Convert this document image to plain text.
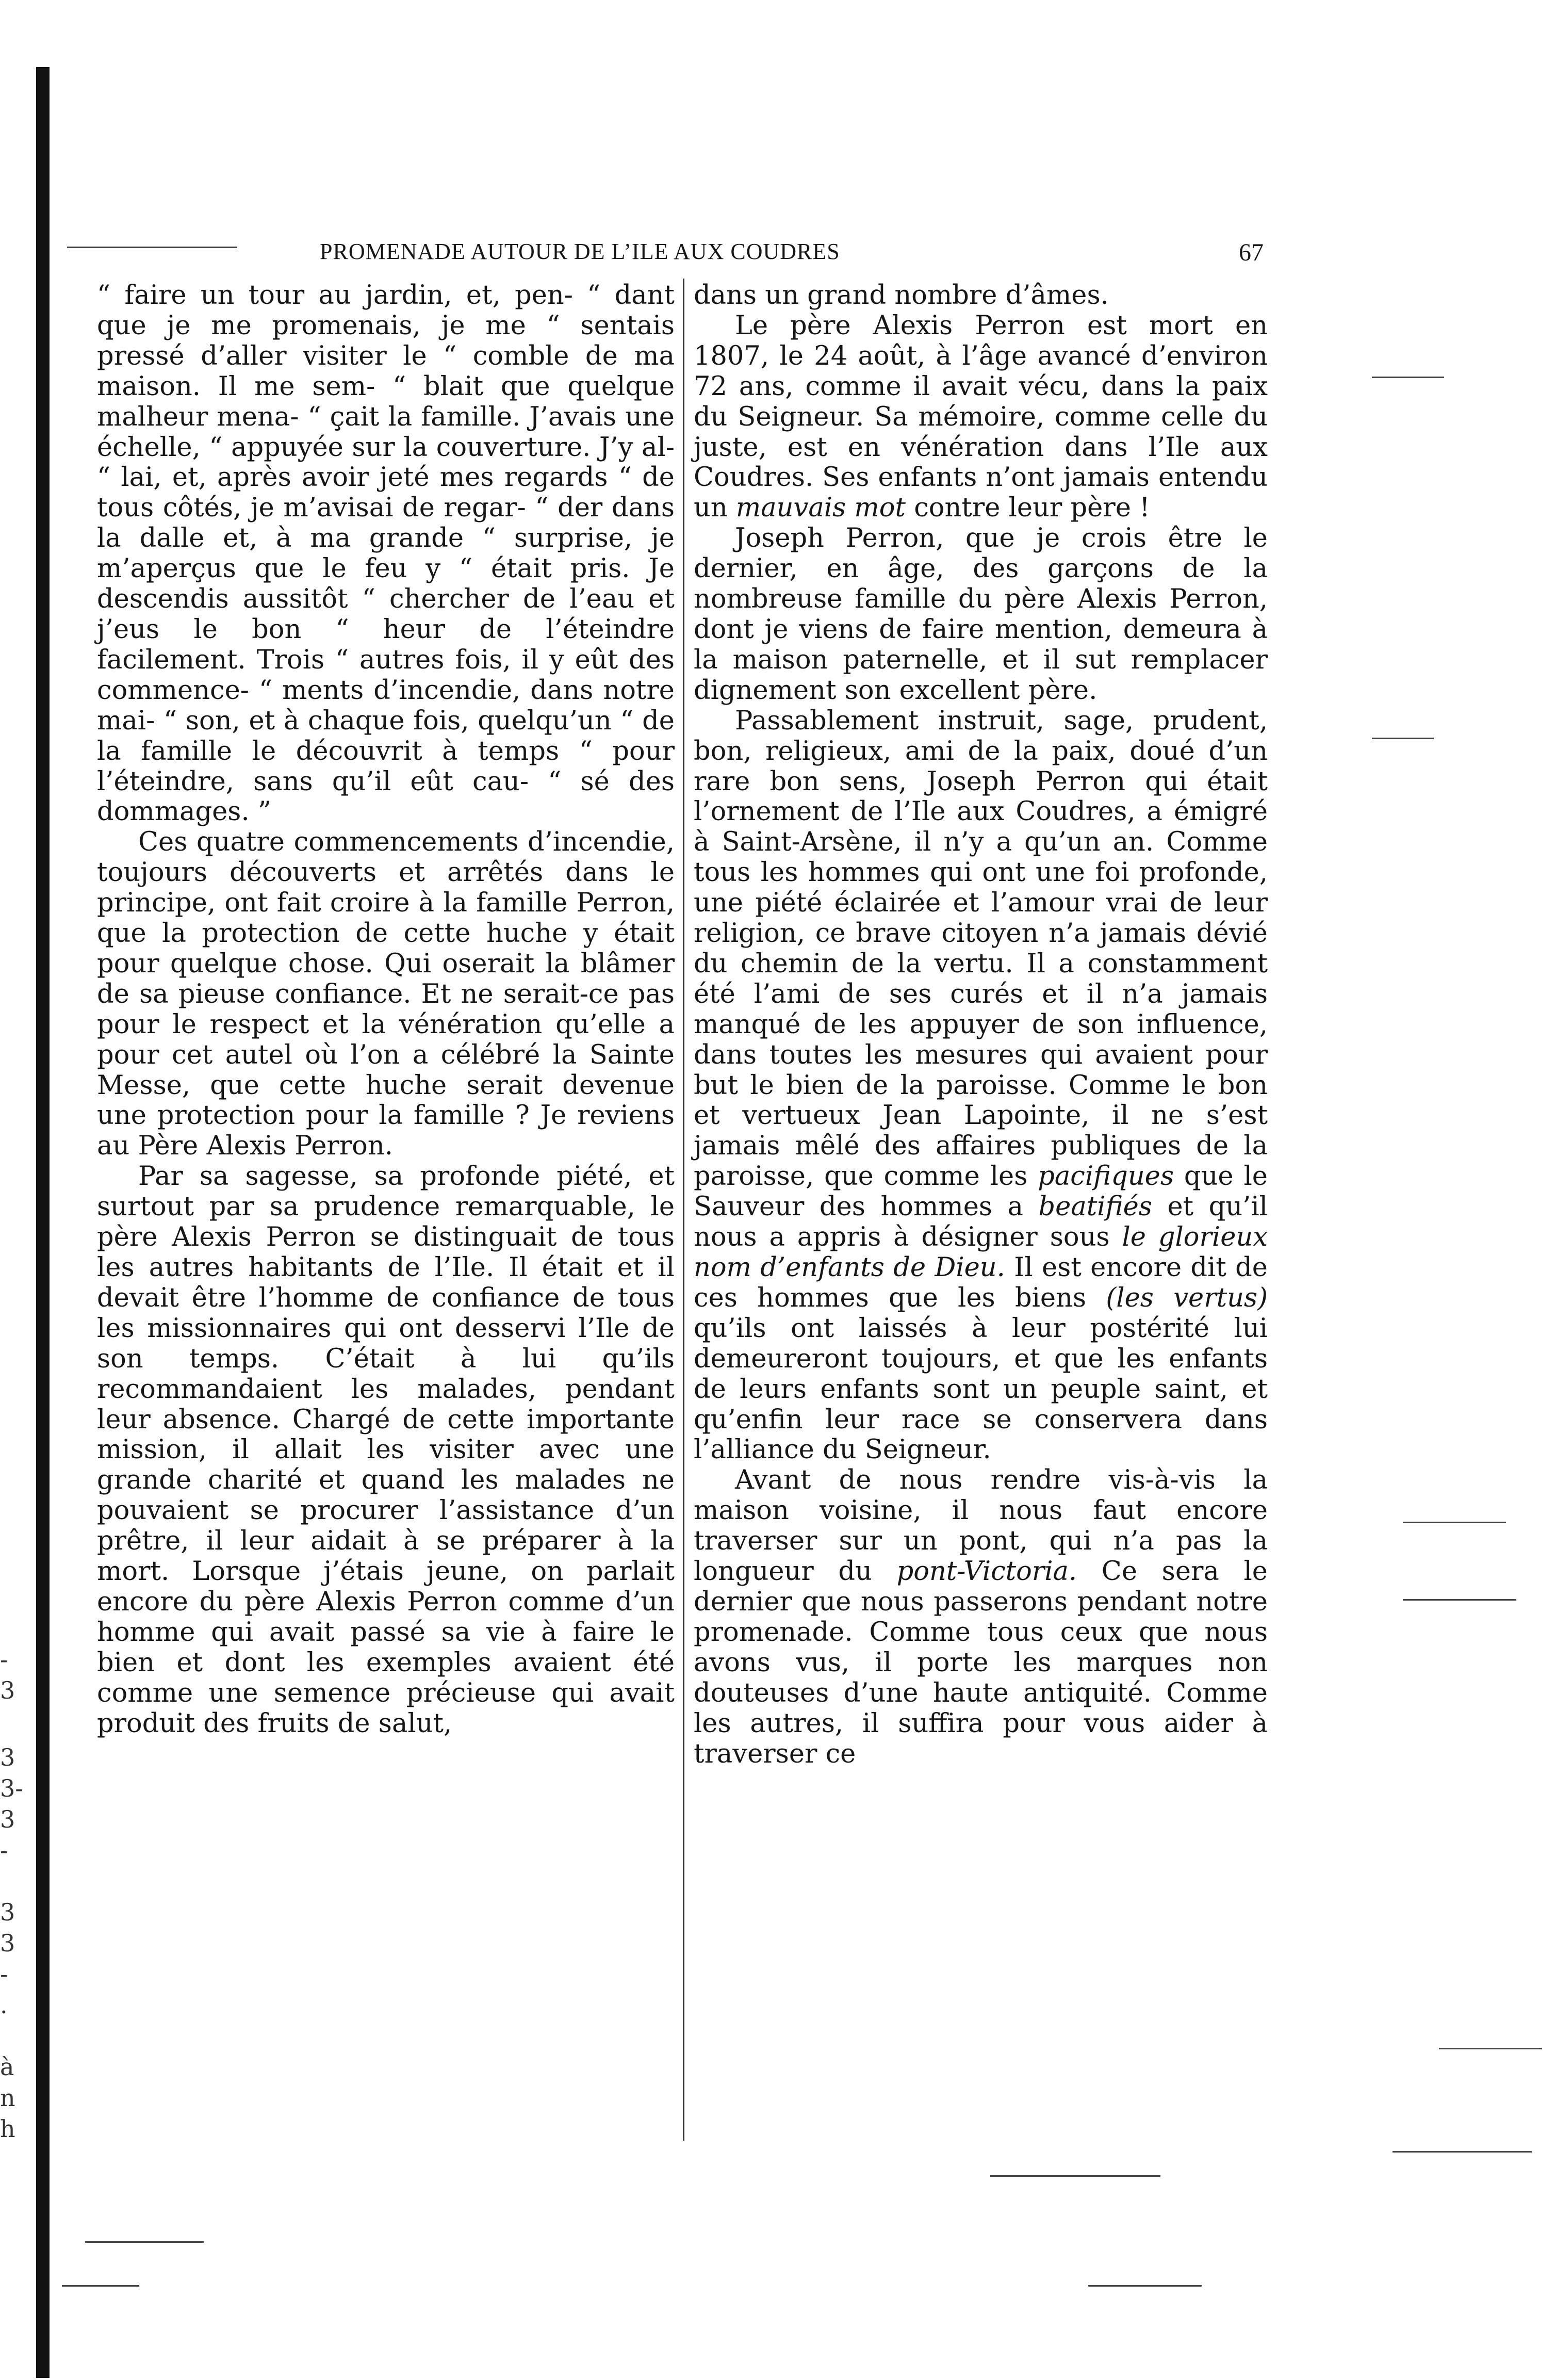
PROMENADE AUTOUR DE L’ILE AUX COUDRES	67

“ faire un tour au jardin, et, pen- “ dant que je me promenais, je me “ sentais pressé d’aller visiter le “ comble de ma maison. Il me sem- “ blait que quelque malheur mena- “ çait la famille. J’avais une échelle, “ appuyée sur la couverture. J’y al- “ lai, et, après avoir jeté mes regards “ de tous côtés, je m’avisai de regar- “ der dans la dalle et, à ma grande “ surprise, je m’aperçus que le feu y “ était pris. Je descendis aussitôt “ chercher de l’eau et j’eus le bon “ heur de l’éteindre facilement. Trois “ autres fois, il y eût des commence- “ ments d’incendie, dans notre mai- “ son, et à chaque fois, quelqu’un “ de la famille le découvrit à temps “ pour l’éteindre, sans qu’il eût cau- “ sé des dommages. ”

Ces quatre commencements d’incendie, toujours découverts et arrêtés dans le principe, ont fait croire à la famille Perron, que la protection de cette huche y était pour quelque chose. Qui oserait la blâmer de sa pieuse confiance. Et ne serait-ce pas pour le respect et la vénération qu’elle a pour cet autel où l’on a célébré la Sainte Messe, que cette huche serait devenue une protection pour la famille ? Je reviens au Père Alexis Perron.

Par sa sagesse, sa profonde piété, et surtout par sa prudence remarquable, le père Alexis Perron se distinguait de tous les autres habitants de l’Ile. Il était et il devait être l’homme de confiance de tous les missionnaires qui ont desservi l’Ile de son temps. C’était à lui qu’ils recommandaient les malades, pendant leur absence. Chargé de cette importante mission, il allait les visiter avec une grande charité et quand les malades ne pouvaient se procurer l’assistance d’un prêtre, il leur aidait à se préparer à la mort. Lorsque j’étais jeune, on parlait encore du père Alexis Perron comme d’un homme qui avait passé sa vie à faire le bien et dont les exemples avaient été comme une semence précieuse qui avait produit des fruits de salut,

dans un grand nombre d’âmes.

Le père Alexis Perron est mort en 1807, le 24 août, à l’âge avancé d’environ 72 ans, comme il avait vécu, dans la paix du Seigneur. Sa mémoire, comme celle du juste, est en vénération dans l’Ile aux Coudres. Ses enfants n’ont jamais entendu un mauvais mot contre leur père !

Joseph Perron, que je crois être le dernier, en âge, des garçons de la nombreuse famille du père Alexis Perron, dont je viens de faire mention, demeura à la maison paternelle, et il sut remplacer dignement son excellent père.

Passablement instruit, sage, prudent, bon, religieux, ami de la paix, doué d’un rare bon sens, Joseph Perron qui était l’ornement de l’Ile aux Coudres, a émigré à Saint-Arsène, il n’y a qu’un an. Comme tous les hommes qui ont une foi profonde, une piété éclairée et l’amour vrai de leur religion, ce brave citoyen n’a jamais dévié du chemin de la vertu. Il a constamment été l’ami de ses curés et il n’a jamais manqué de les appuyer de son influence, dans toutes les mesures qui avaient pour but le bien de la paroisse. Comme le bon et vertueux Jean Lapointe, il ne s’est jamais mêlé des affaires publiques de la paroisse, que comme les pacifiques que le Sauveur des hommes a beatifiés et qu’il nous a appris à désigner sous le glorieux nom d’enfants de Dieu. Il est encore dit de ces hommes que les biens (les vertus) qu’ils ont laissés à leur postérité lui demeureront toujours, et que les enfants de leurs enfants sont un peuple saint, et qu’enfin leur race se conservera dans l’alliance du Seigneur.

Avant de nous rendre vis-à-vis la maison voisine, il nous faut encore traverser sur un pont, qui n’a pas la longueur du pont-Victoria. Ce sera le dernier que nous passerons pendant notre promenade. Comme tous ceux que nous avons vus, il porte les marques non douteuses d’une haute antiquité. Comme les autres, il suffira pour vous aider à traverser ce

-
3
3
3-
3
-
3
3
-
.
à
n
h
